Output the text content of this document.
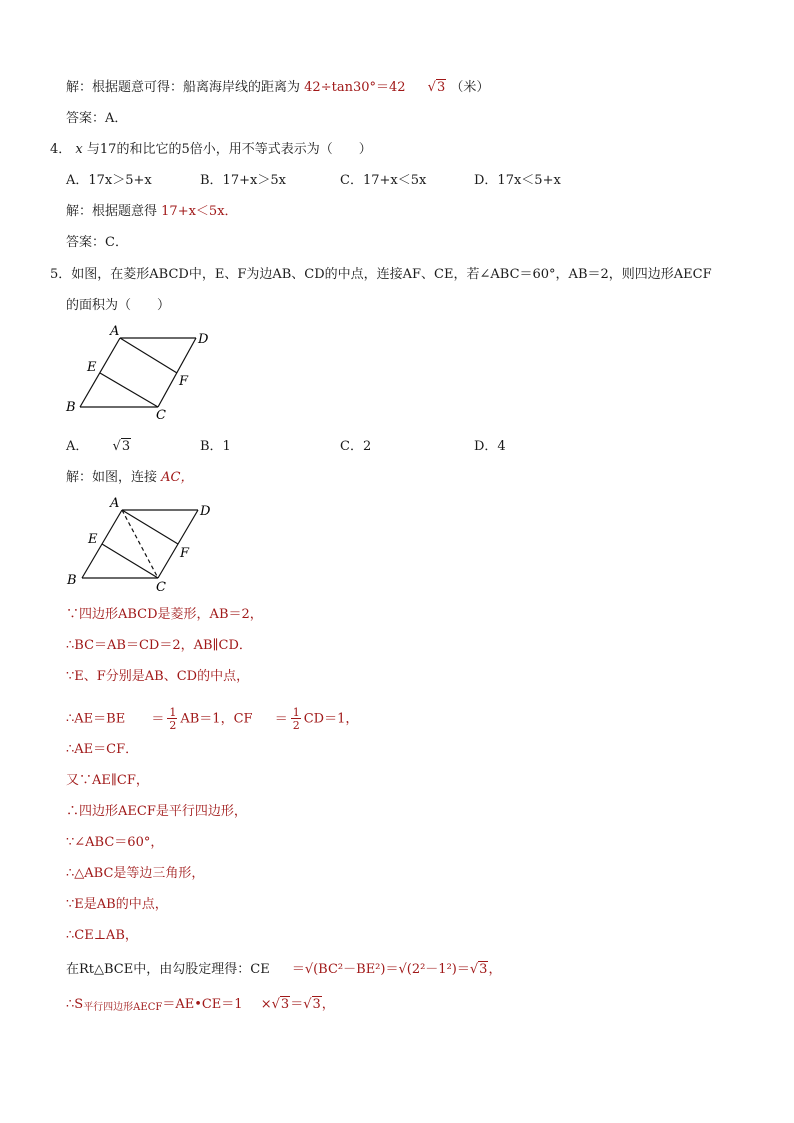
解：根据题意可得：船离海岸线的距离为 42÷tan30°＝42 √3 （米）
答案：A．
4． x 与17的和比它的5倍小，用不等式表示为（　　）
A．17x＞5+x	B．17+x＞5x	C．17+x＜5x	D．17x＜5+x
解：根据题意得 17+x＜5x．
答案：C．
5．如图，在菱形ABCD中，E、F为边AB、CD的中点，连接AF、CE，若∠ABC＝60°，AB＝2，则四边形AECF
的面积为（　　）
A
D
E
F
B
C
A． √3	B．1	C．2	D．4
解：如图，连接 AC，
A
D
E
F
B	C
∵四边形ABCD是菱形，AB＝2，
∴BC＝AB＝CD＝2，AB∥CD．
∵E、F分别是AB、CD的中点，
∴AE＝BE ＝ 1
2 AB＝1，CF ＝ 1
2 CD＝1，
∴AE＝CF．
又∵AE∥CF，
∴四边形AECF是平行四边形，
∵∠ABC＝60°，
∴△ABC是等边三角形，
∵E是AB的中点，
∴CE⊥AB，
在Rt△BCE中，由勾股定理得：CE ＝√(BC²－BE²)＝√(2²－1²)＝√3，
$\therefore S_{平行四边形AECF}=AE•CE=1 \times√3=√3$，
